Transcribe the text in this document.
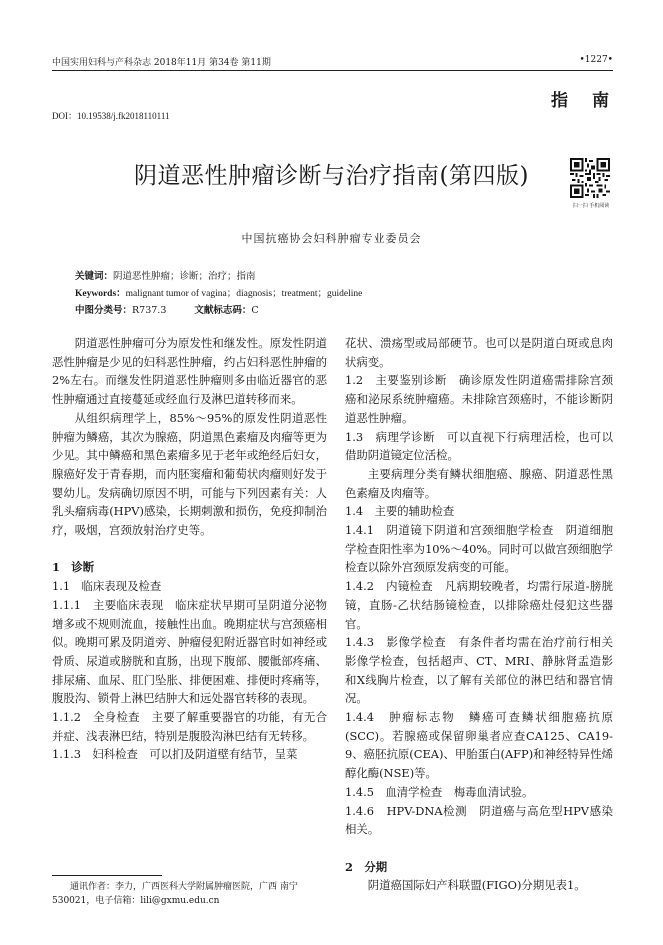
中国实用妇科与产科杂志 2018年11月 第34卷 第11期	•1227•
指南
DOI：10.19538/j.fk2018110111
阴道恶性肿瘤诊断与治疗指南(第四版)
扫一扫 手机阅读
中国抗癌协会妇科肿瘤专业委员会
关键词：阴道恶性肿瘤；诊断；治疗；指南
Keywords：malignant tumor of vagina；diagnosis；treatment；guideline
中图分类号：R737.3	文献标志码：C

阴道恶性肿瘤可分为原发性和继发性。原发性阴道恶性肿瘤是少见的妇科恶性肿瘤，约占妇科恶性肿瘤的2%左右。而继发性阴道恶性肿瘤则多由临近器官的恶性肿瘤通过直接蔓延或经血行及淋巴道转移而来。

从组织病理学上，85%～95%的原发性阴道恶性肿瘤为鳞癌，其次为腺癌，阴道黑色素瘤及肉瘤等更为少见。其中鳞癌和黑色素瘤多见于老年或绝经后妇女，腺癌好发于青春期，而内胚窦瘤和葡萄状肉瘤则好发于婴幼儿。发病确切原因不明，可能与下列因素有关：人乳头瘤病毒(HPV)感染，长期刺激和损伤，免疫抑制治疗，吸烟，宫颈放射治疗史等。

1　诊断

1.1　临床表现及检查

1.1.1　主要临床表现　临床症状早期可呈阴道分泌物增多或不规则流血，接触性出血。晚期症状与宫颈癌相似。晚期可累及阴道旁、肿瘤侵犯附近器官时如神经或骨质、尿道或膀胱和直肠，出现下腹部、腰骶部疼痛、排尿痛、血尿、肛门坠胀、排便困难、排便时疼痛等，腹股沟、锁骨上淋巴结肿大和远处器官转移的表现。

1.1.2　全身检查　主要了解重要器官的功能，有无合并症、浅表淋巴结，特别是腹股沟淋巴结有无转移。

1.1.3　妇科检查　可以扪及阴道壁有结节，呈菜

花状、溃疡型或局部硬节。也可以是阴道白斑或息肉状病变。

1.2　主要鉴别诊断　确诊原发性阴道癌需排除宫颈癌和泌尿系统肿瘤癌。未排除宫颈癌时，不能诊断阴道恶性肿瘤。

1.3　病理学诊断　可以直视下行病理活检，也可以借助阴道镜定位活检。

主要病理分类有鳞状细胞癌、腺癌、阴道恶性黑色素瘤及肉瘤等。

1.4　主要的辅助检查

1.4.1　阴道镜下阴道和宫颈细胞学检查　阴道细胞学检查阳性率为10%～40%。同时可以做宫颈细胞学检查以除外宫颈原发病变的可能。

1.4.2　内镜检查　凡病期较晚者，均需行尿道-膀胱镜，直肠-乙状结肠镜检查，以排除癌灶侵犯这些器官。

1.4.3　影像学检查　有条件者均需在治疗前行相关影像学检查，包括超声、CT、MRI、静脉肾盂造影和X线胸片检查，以了解有关部位的淋巴结和器官情况。

1.4.4　肿瘤标志物　鳞癌可查鳞状细胞癌抗原(SCC)。若腺癌或保留卵巢者应查CA125、CA19-9、癌胚抗原(CEA)、甲胎蛋白(AFP)和神经特异性烯醇化酶(NSE)等。

1.4.5　血清学检查　梅毒血清试验。

1.4.6　HPV-DNA检测　阴道癌与高危型HPV感染相关。

2　分期

阴道癌国际妇产科联盟(FIGO)分期见表1。

通讯作者：李力，广西医科大学附属肿瘤医院，广西 南宁530021，电子信箱：lili@gxmu.edu.cn
